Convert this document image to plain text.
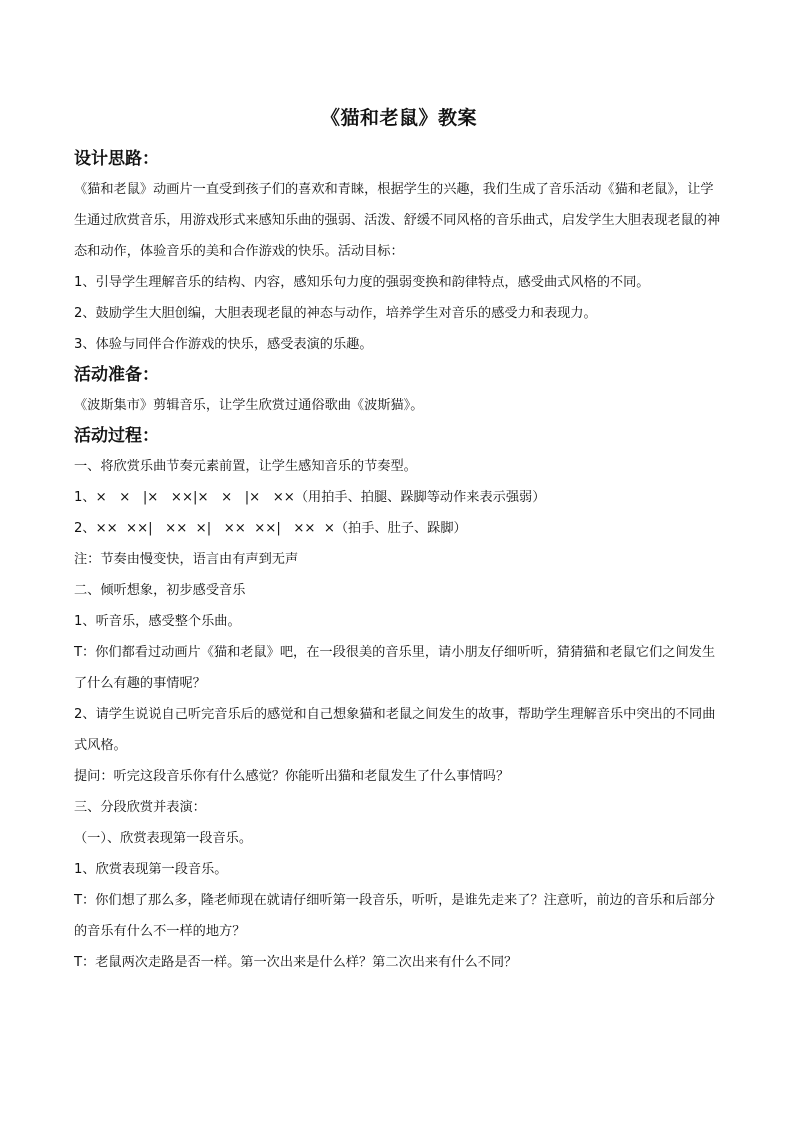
《猫和老鼠》教案
设计思路：
《猫和老鼠》动画片一直受到孩子们的喜欢和青睐，根据学生的兴趣，我们生成了音乐活动《猫和老鼠》，让学生通过欣赏音乐，用游戏形式来感知乐曲的强弱、活泼、舒缓不同风格的音乐曲式，启发学生大胆表现老鼠的神态和动作，体验音乐的美和合作游戏的快乐。活动目标：
1、引导学生理解音乐的结构、内容，感知乐句力度的强弱变换和韵律特点，感受曲式风格的不同。
2、鼓励学生大胆创编，大胆表现老鼠的神态与动作，培养学生对音乐的感受力和表现力。
3、体验与同伴合作游戏的快乐，感受表演的乐趣。
活动准备：
《波斯集市》剪辑音乐，让学生欣赏过通俗歌曲《波斯猫》。
活动过程：
一、将欣赏乐曲节奏元素前置，让学生感知音乐的节奏型。
1、×   ×   |×   ××|×   ×   |×   ××（用拍手、拍腿、跺脚等动作来表示强弱）
2、××  ××|   ××  ×|   ××  ××|   ××  ×（拍手、肚子、跺脚）
注：节奏由慢变快，语言由有声到无声
二、倾听想象，初步感受音乐
1、听音乐，感受整个乐曲。
T：你们都看过动画片《猫和老鼠》吧，在一段很美的音乐里，请小朋友仔细听听，猜猜猫和老鼠它们之间发生了什么有趣的事情呢？
2、请学生说说自己听完音乐后的感觉和自己想象猫和老鼠之间发生的故事，帮助学生理解音乐中突出的不同曲式风格。
提问：听完这段音乐你有什么感觉？你能听出猫和老鼠发生了什么事情吗？
三、分段欣赏并表演：
（一）、欣赏表现第一段音乐。
1、欣赏表现第一段音乐。
T：你们想了那么多，隆老师现在就请仔细听第一段音乐，听听，是谁先走来了？注意听，前边的音乐和后部分的音乐有什么不一样的地方？
T：老鼠两次走路是否一样。第一次出来是什么样？第二次出来有什么不同？
